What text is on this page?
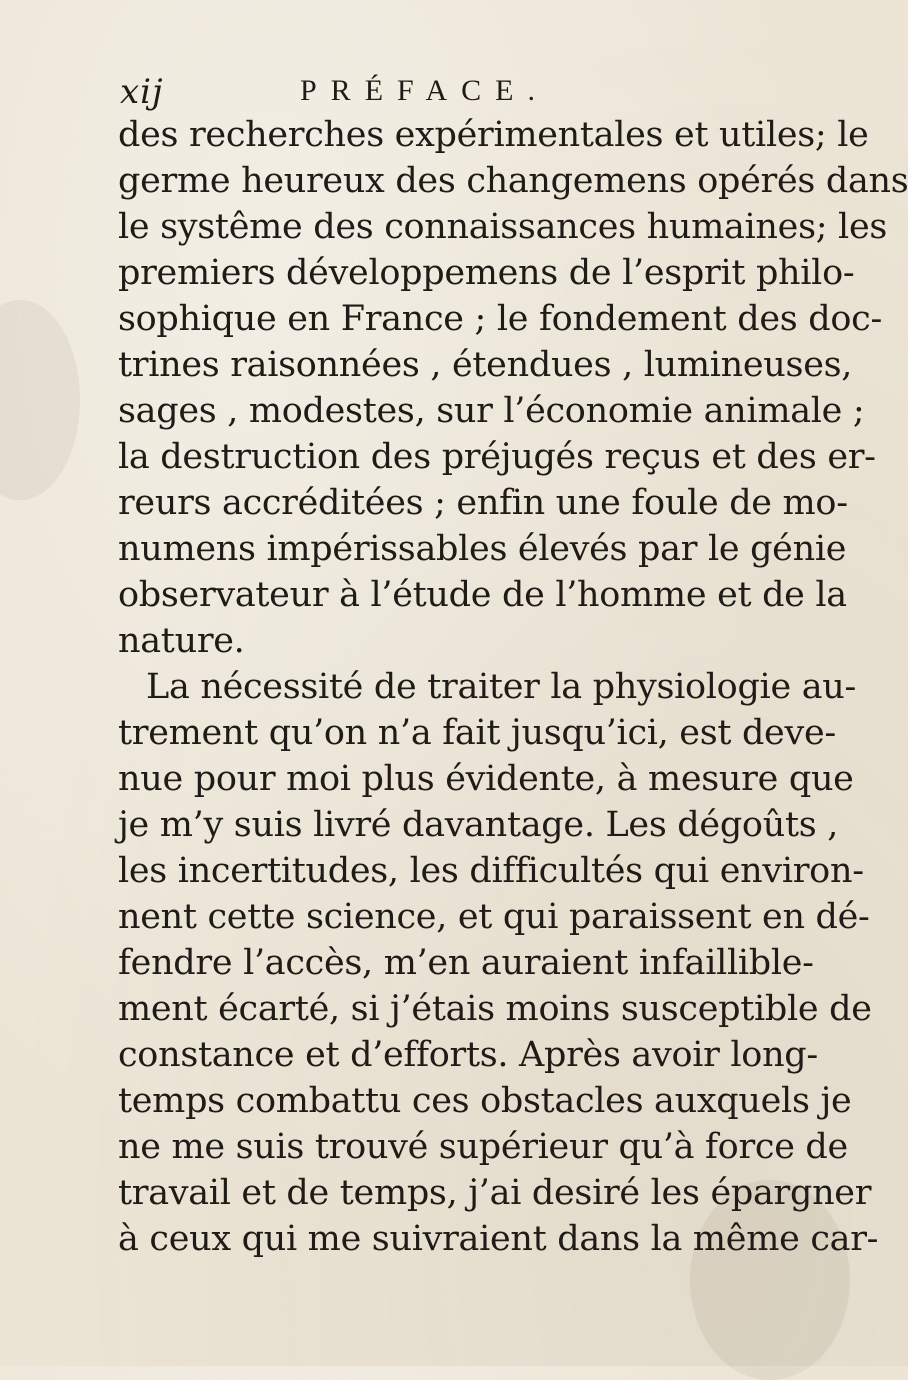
xij	PRÉFACE.
des recherches expérimentales et utiles; le
germe heureux des changemens opérés dans
le systême des connaissances humaines; les
premiers développemens de l’esprit philo-
sophique en France ; le fondement des doc-
trines raisonnées , étendues , lumineuses,
sages , modestes, sur l’économie animale ;
la destruction des préjugés reçus et des er-
reurs accréditées ; enfin une foule de mo-
numens impérissables élevés par le génie
observateur à l’étude de l’homme et de la
nature.
La nécessité de traiter la physiologie au-
trement qu’on n’a fait jusqu’ici, est deve-
nue pour moi plus évidente, à mesure que
je m’y suis livré davantage. Les dégoûts ,
les incertitudes, les difficultés qui environ-
nent cette science, et qui paraissent en dé-
fendre l’accès, m’en auraient infaillible-
ment écarté, si j’étais moins susceptible de
constance et d’efforts. Après avoir long-
temps combattu ces obstacles auxquels je
ne me suis trouvé supérieur qu’à force de
travail et de temps, j’ai desiré les épargner
à ceux qui me suivraient dans la même car-
